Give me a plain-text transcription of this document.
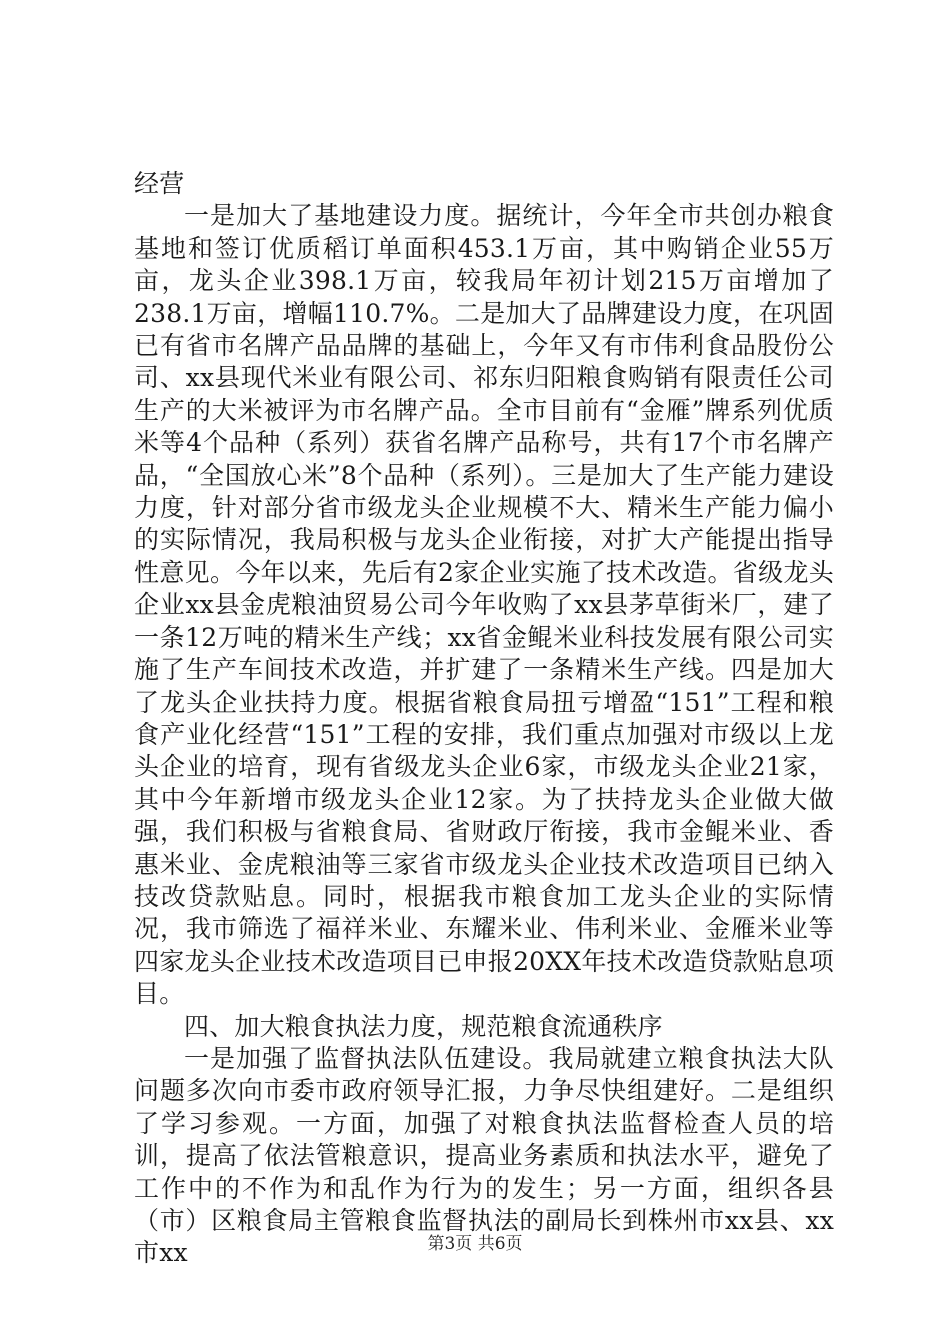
经营

一是加大了基地建设力度。据统计，今年全市共创办粮食基地和签订优质稻订单面积453.1万亩，其中购销企业55万亩，龙头企业398.1万亩，较我局年初计划215万亩增加了238.1万亩，增幅110.7%。二是加大了品牌建设力度，在巩固已有省市名牌产品品牌的基础上，今年又有市伟利食品股份公司、xx县现代米业有限公司、祁东归阳粮食购销有限责任公司生产的大米被评为市名牌产品。全市目前有“金雁”牌系列优质米等4个品种（系列）获省名牌产品称号，共有17个市名牌产品，“全国放心米”8个品种（系列）。三是加大了生产能力建设力度，针对部分省市级龙头企业规模不大、精米生产能力偏小的实际情况，我局积极与龙头企业衔接，对扩大产能提出指导性意见。今年以来，先后有2家企业实施了技术改造。省级龙头企业xx县金虎粮油贸易公司今年收购了xx县茅草街米厂，建了一条12万吨的精米生产线；xx省金鲲米业科技发展有限公司实施了生产车间技术改造，并扩建了一条精米生产线。四是加大了龙头企业扶持力度。根据省粮食局扭亏增盈“151”工程和粮食产业化经营“151”工程的安排，我们重点加强对市级以上龙头企业的培育，现有省级龙头企业6家，市级龙头企业21家，其中今年新增市级龙头企业12家。为了扶持龙头企业做大做强，我们积极与省粮食局、省财政厅衔接，我市金鲲米业、香惠米业、金虎粮油等三家省市级龙头企业技术改造项目已纳入技改贷款贴息。同时，根据我市粮食加工龙头企业的实际情况，我市筛选了福祥米业、东耀米业、伟利米业、金雁米业等四家龙头企业技术改造项目已申报20XX年技术改造贷款贴息项目。

四、加大粮食执法力度，规范粮食流通秩序

一是加强了监督执法队伍建设。我局就建立粮食执法大队问题多次向市委市政府领导汇报，力争尽快组建好。二是组织了学习参观。一方面，加强了对粮食执法监督检查人员的培训，提高了依法管粮意识，提高业务素质和执法水平，避免了工作中的不作为和乱作为行为的发生；另一方面，组织各县（市）区粮食局主管粮食监督执法的副局长到株州市xx县、xx市xx	第3页 共6页
